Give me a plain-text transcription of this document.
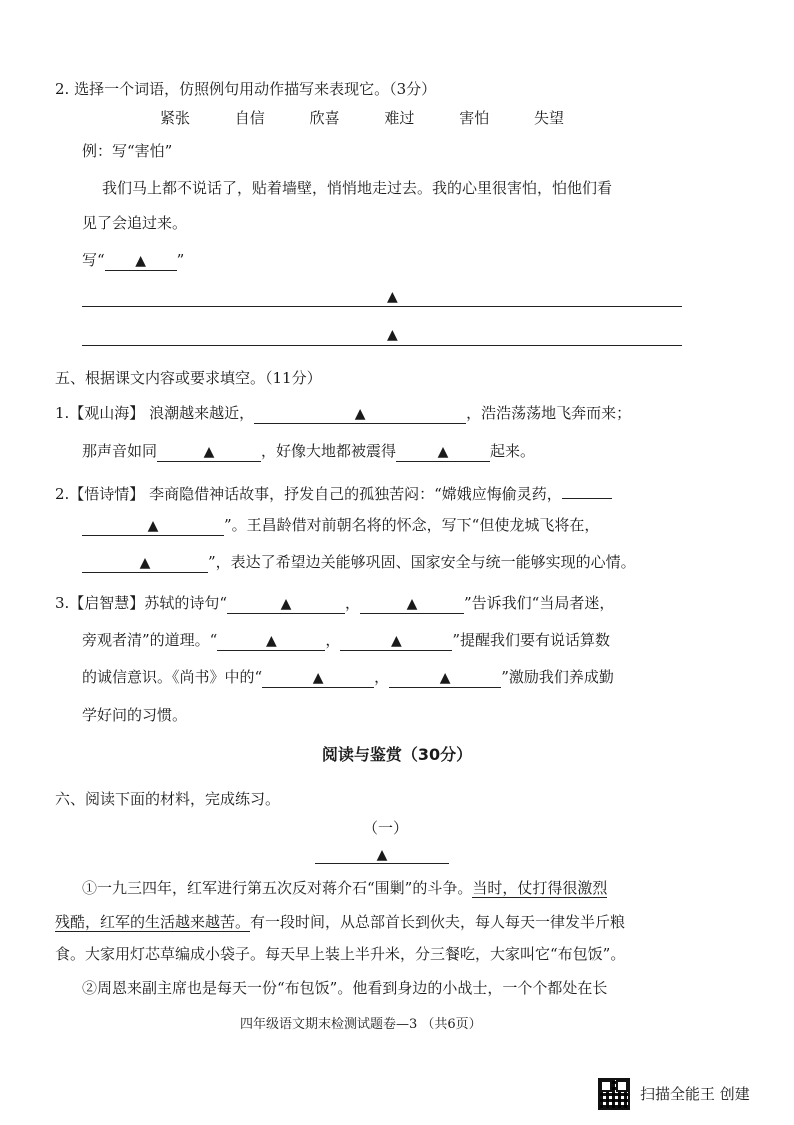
2. 选择一个词语，仿照例句用动作描写来表现它。（3分）
紧张	自信	欣喜	难过	害怕	失望
例：写“害怕”
我们马上都不说话了，贴着墙壁，悄悄地走过去。我的心里很害怕，怕他们看
见了会追过来。
写“ ▲ ”
▲
▲
五、根据课文内容或要求填空。（11分）
1.【观山海】 浪潮越来越近，	▲	，浩浩荡荡地飞奔而来；
那声音如同	▲	，好像大地都被震得	▲	起来。
2.【悟诗情】 李商隐借神话故事，抒发自己的孤独苦闷：“嫦娥应悔偷灵药，
▲	”。王昌龄借对前朝名将的怀念，写下“但使龙城飞将在，
▲	”，表达了希望边关能够巩固、国家安全与统一能够实现的心情。
3.【启智慧】苏轼的诗句“	▲	，	▲	”告诉我们“当局者迷，
旁观者清”的道理。“	▲	，	▲	”提醒我们要有说话算数
的诚信意识。《尚书》中的“	▲	，	▲	”激励我们养成勤
学好问的习惯。
阅读与鉴赏（30分）
六、阅读下面的材料，完成练习。
（一）
▲
①一九三四年，红军进行第五次反对蒋介石“围剿”的斗争。当时，仗打得很激烈
残酷，红军的生活越来越苦。有一段时间，从总部首长到伙夫，每人每天一律发半斤粮
食。大家用灯芯草编成小袋子。每天早上装上半升米，分三餐吃，大家叫它“布包饭”。
②周恩来副主席也是每天一份“布包饭”。他看到身边的小战士，一个个都处在长
四年级语文期末检测试题卷—3 （共6页）
扫描全能王 创建
